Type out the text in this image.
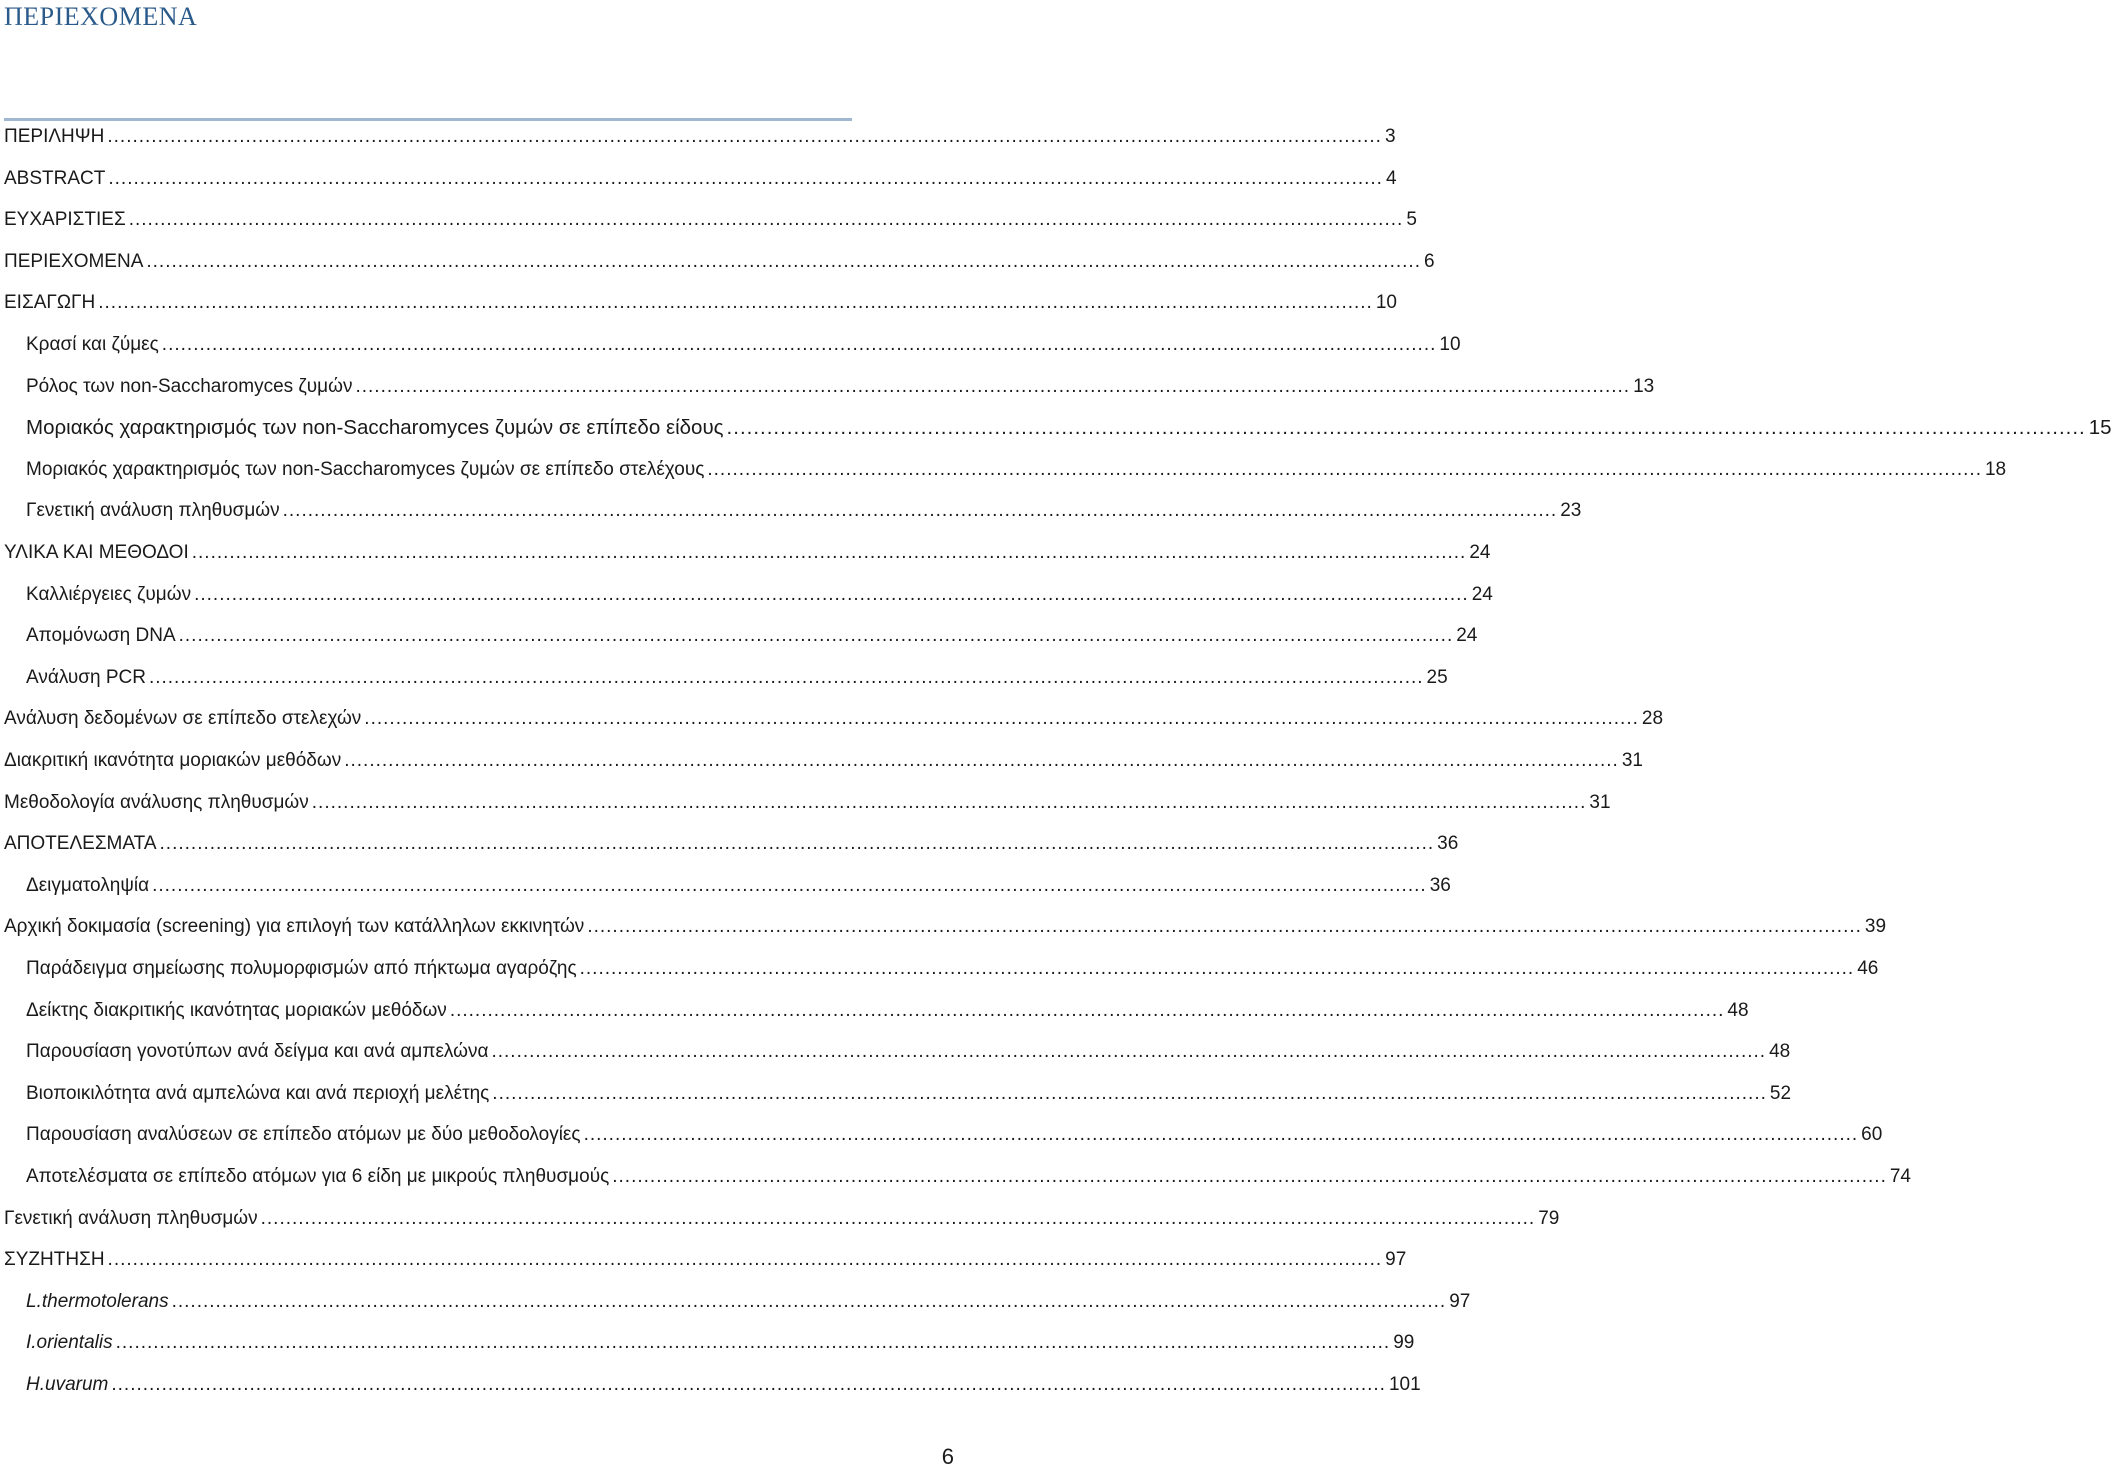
ΠΕΡΙΕΧΟΜΕΝΑ
ΠΕΡΙΛΗΨΗ ........................................................................................................................................................................................................... 3
ABSTRACT ........................................................................................................................................................................................................... 4
ΕΥΧΑΡΙΣΤΙΕΣ ........................................................................................................................................................................................................... 5
ΠΕΡΙΕΧΟΜΕΝΑ ........................................................................................................................................................................................................... 6
ΕΙΣΑΓΩΓΗ ........................................................................................................................................................................................................... 10
Κρασί και ζύμες ........................................................................................................................................................................................................... 10
Ρόλος των non-Saccharomyces ζυμών ........................................................................................................................................................................................................... 13
Μοριακός χαρακτηρισμός των non-Saccharomyces ζυμών σε επίπεδο είδους ........................................................................................................................................................................................................... 15
Μοριακός χαρακτηρισμός των non-Saccharomyces ζυμών σε επίπεδο στελέχους ........................................................................................................................................................................................................... 18
Γενετική ανάλυση πληθυσμών ........................................................................................................................................................................................................... 23
ΥΛΙΚΑ ΚΑΙ ΜΕΘΟΔΟΙ ........................................................................................................................................................................................................... 24
Καλλιέργειες ζυμών ........................................................................................................................................................................................................... 24
Απομόνωση DNA ........................................................................................................................................................................................................... 24
Ανάλυση PCR ........................................................................................................................................................................................................... 25
Ανάλυση δεδομένων σε επίπεδο στελεχών ........................................................................................................................................................................................................... 28
Διακριτική ικανότητα μοριακών μεθόδων ........................................................................................................................................................................................................... 31
Μεθοδολογία ανάλυσης πληθυσμών ........................................................................................................................................................................................................... 31
ΑΠΟΤΕΛΕΣΜΑΤΑ ........................................................................................................................................................................................................... 36
Δειγματοληψία ........................................................................................................................................................................................................... 36
Αρχική δοκιμασία (screening) για επιλογή των κατάλληλων εκκινητών ........................................................................................................................................................................................................... 39
Παράδειγμα σημείωσης πολυμορφισμών από πήκτωμα αγαρόζης ........................................................................................................................................................................................................... 46
Δείκτης διακριτικής ικανότητας μοριακών μεθόδων ........................................................................................................................................................................................................... 48
Παρουσίαση γονοτύπων ανά δείγμα και ανά αμπελώνα ........................................................................................................................................................................................................... 48
Βιοποικιλότητα ανά αμπελώνα και ανά περιοχή μελέτης ........................................................................................................................................................................................................... 52
Παρουσίαση αναλύσεων σε επίπεδο ατόμων με δύο μεθοδολογίες ........................................................................................................................................................................................................... 60
Αποτελέσματα σε επίπεδο ατόμων για 6 είδη με μικρούς πληθυσμούς ........................................................................................................................................................................................................... 74
Γενετική ανάλυση πληθυσμών ........................................................................................................................................................................................................... 79
ΣΥΖΗΤΗΣΗ ........................................................................................................................................................................................................... 97
L.thermotolerans ........................................................................................................................................................................................................... 97
I.orientalis ........................................................................................................................................................................................................... 99
H.uvarum ........................................................................................................................................................................................................... 101
6
